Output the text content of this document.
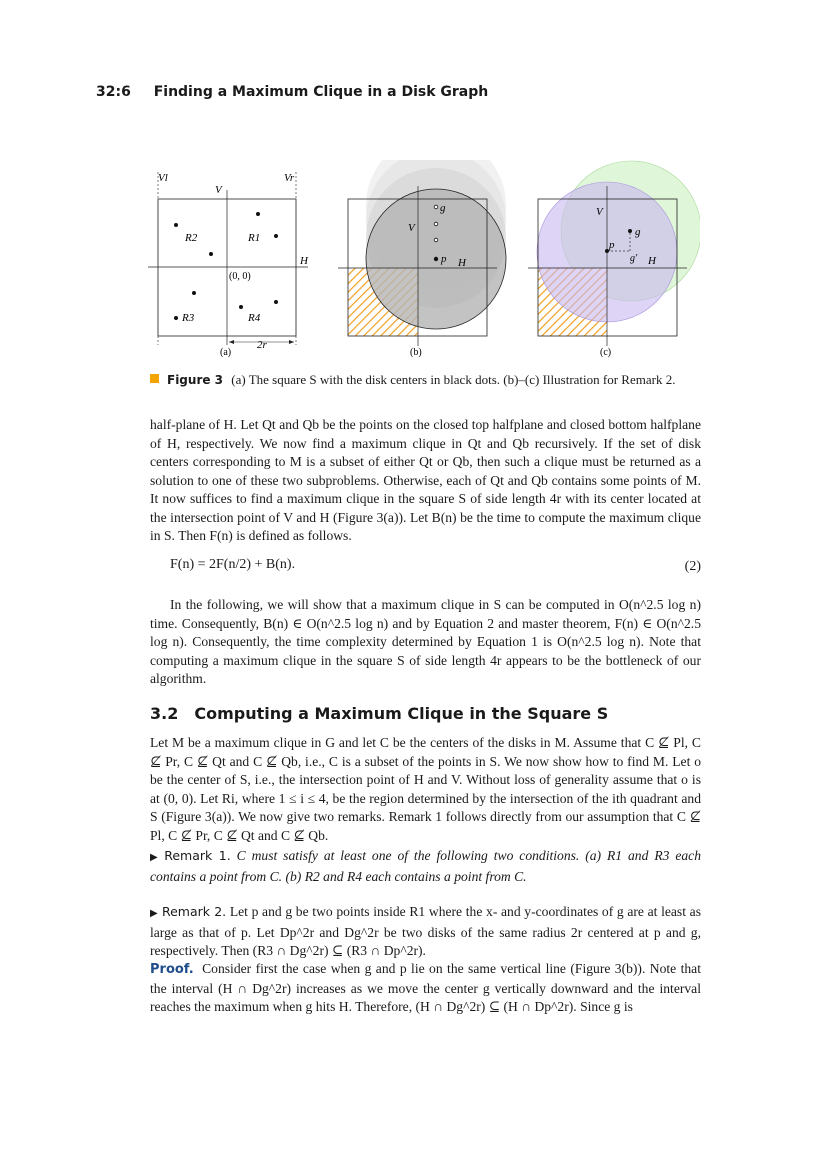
32:6 Finding a Maximum Clique in a Disk Graph
Vl	Vr
V
H
R2	R1
R3	R4
(0, 0)
2r
(a)
g
p
V
H
(b)
g
g′
p
V
H
(c)
Figure 3 (a) The square S with the disk centers in black dots. (b)–(c) Illustration for Remark 2.

half-plane of H. Let Qt and Qb be the points on the closed top halfplane and closed bottom halfplane of H, respectively. We now find a maximum clique in Qt and Qb recursively. If the set of disk centers corresponding to M is a subset of either Qt or Qb, then such a clique must be returned as a solution to one of these two subproblems. Otherwise, each of Qt and Qb contains some points of M. It now suffices to find a maximum clique in the square S of side length 4r with its center located at the intersection point of V and H (Figure 3(a)). Let B(n) be the time to compute the maximum clique in S. Then F(n) is defined as follows.

F(n) = 2F(n/2) + B(n).	(2)

In the following, we will show that a maximum clique in S can be computed in O(n^2.5 log n) time. Consequently, B(n) ∈ O(n^2.5 log n) and by Equation 2 and master theorem, F(n) ∈ O(n^2.5 log n). Consequently, the time complexity determined by Equation 1 is O(n^2.5 log n). Note that computing a maximum clique in the square S of side length 4r appears to be the bottleneck of our algorithm.

3.2 Computing a Maximum Clique in the Square S

Let M be a maximum clique in G and let C be the centers of the disks in M. Assume that C ⊈ Pl, C ⊈ Pr, C ⊈ Qt and C ⊈ Qb, i.e., C is a subset of the points in S. We now show how to find M. Let o be the center of S, i.e., the intersection point of H and V. Without loss of generality assume that o is at (0, 0). Let Ri, where 1 ≤ i ≤ 4, be the region determined by the intersection of the ith quadrant and S (Figure 3(a)). We now give two remarks. Remark 1 follows directly from our assumption that C ⊈ Pl, C ⊈ Pr, C ⊈ Qt and C ⊈ Qb.

▶ Remark 1. C must satisfy at least one of the following two conditions. (a) R1 and R3 each contains a point from C. (b) R2 and R4 each contains a point from C.

▶ Remark 2. Let p and g be two points inside R1 where the x- and y-coordinates of g are at least as large as that of p. Let Dp^2r and Dg^2r be two disks of the same radius 2r centered at p and g, respectively. Then (R3 ∩ Dg^2r) ⊆ (R3 ∩ Dp^2r).

Proof. Consider first the case when g and p lie on the same vertical line (Figure 3(b)). Note that the interval (H ∩ Dg^2r) increases as we move the center g vertically downward and the interval reaches the maximum when g hits H. Therefore, (H ∩ Dg^2r) ⊆ (H ∩ Dp^2r). Since g is
